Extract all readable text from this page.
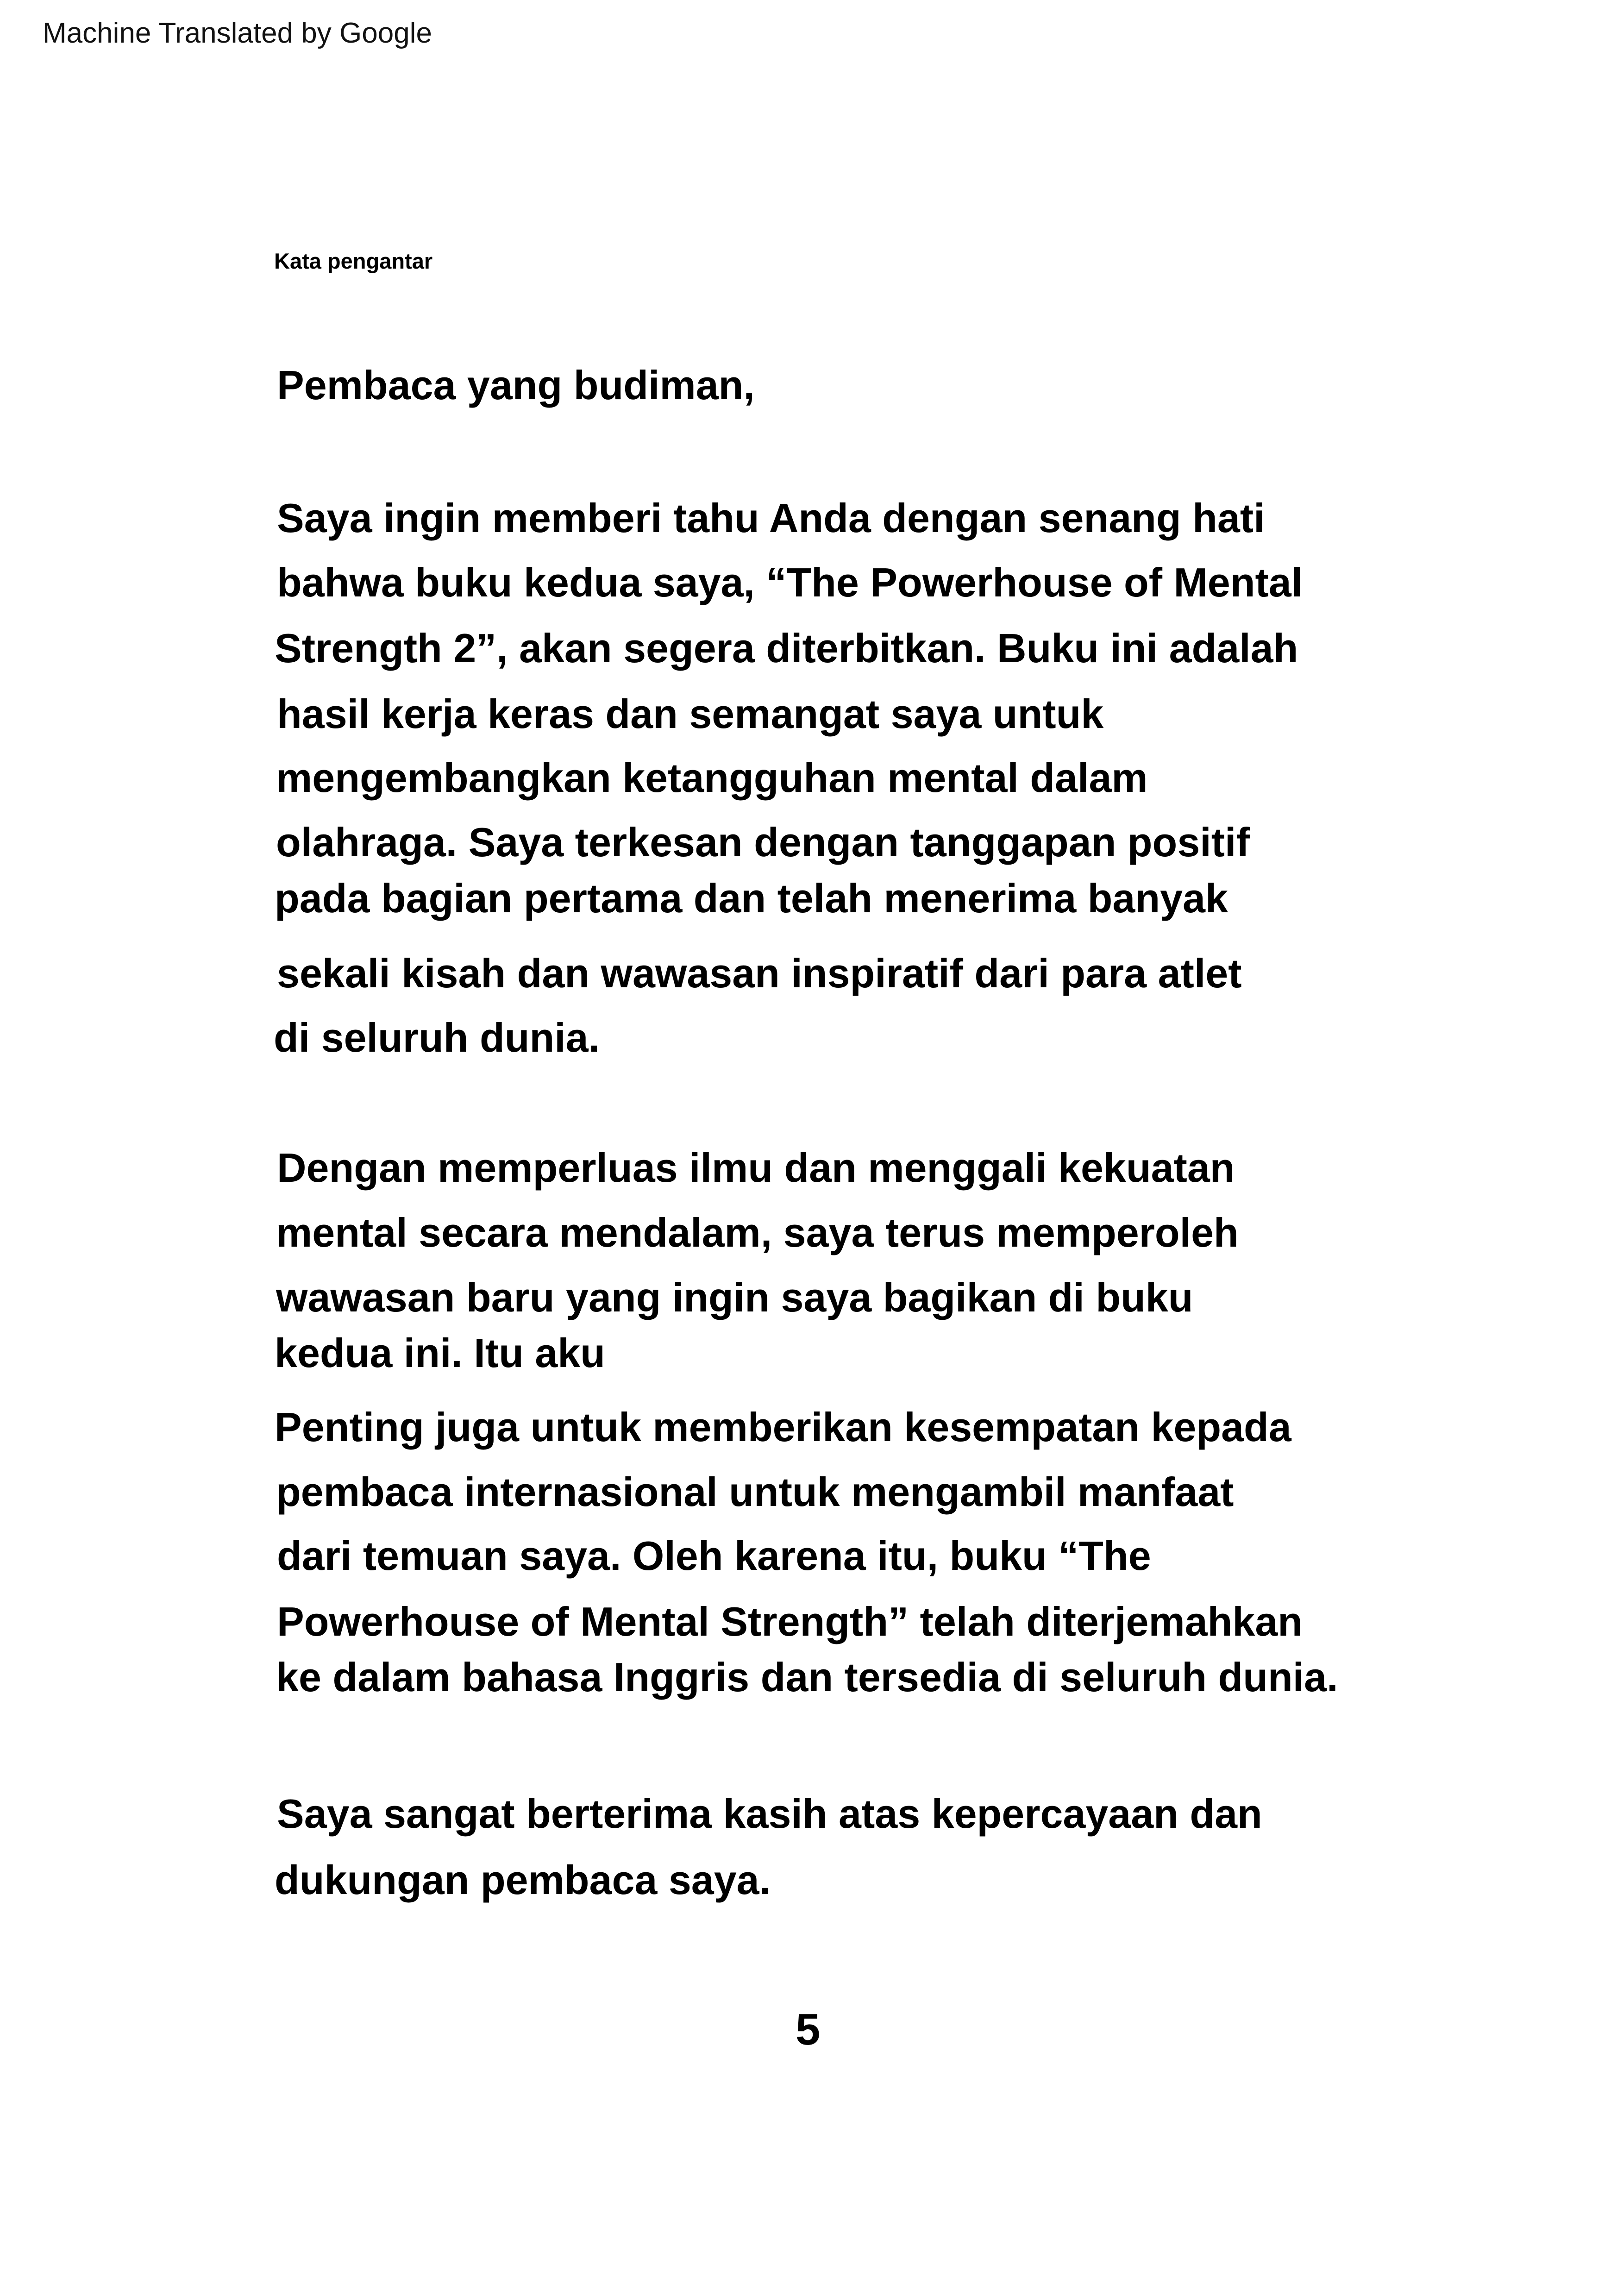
Machine Translated by Google
Kata pengantar
Pembaca yang budiman,
Saya ingin memberi tahu Anda dengan senang hati
bahwa buku kedua saya, “The Powerhouse of Mental
Strength 2”, akan segera diterbitkan. Buku ini adalah
hasil kerja keras dan semangat saya untuk
mengembangkan ketangguhan mental dalam
olahraga. Saya terkesan dengan tanggapan positif
pada bagian pertama dan telah menerima banyak
sekali kisah dan wawasan inspiratif dari para atlet
di seluruh dunia.
Dengan memperluas ilmu dan menggali kekuatan
mental secara mendalam, saya terus memperoleh
wawasan baru yang ingin saya bagikan di buku
kedua ini. Itu aku
Penting juga untuk memberikan kesempatan kepada
pembaca internasional untuk mengambil manfaat
dari temuan saya. Oleh karena itu, buku “The
Powerhouse of Mental Strength” telah diterjemahkan
ke dalam bahasa Inggris dan tersedia di seluruh dunia.
Saya sangat berterima kasih atas kepercayaan dan
dukungan pembaca saya.
5
